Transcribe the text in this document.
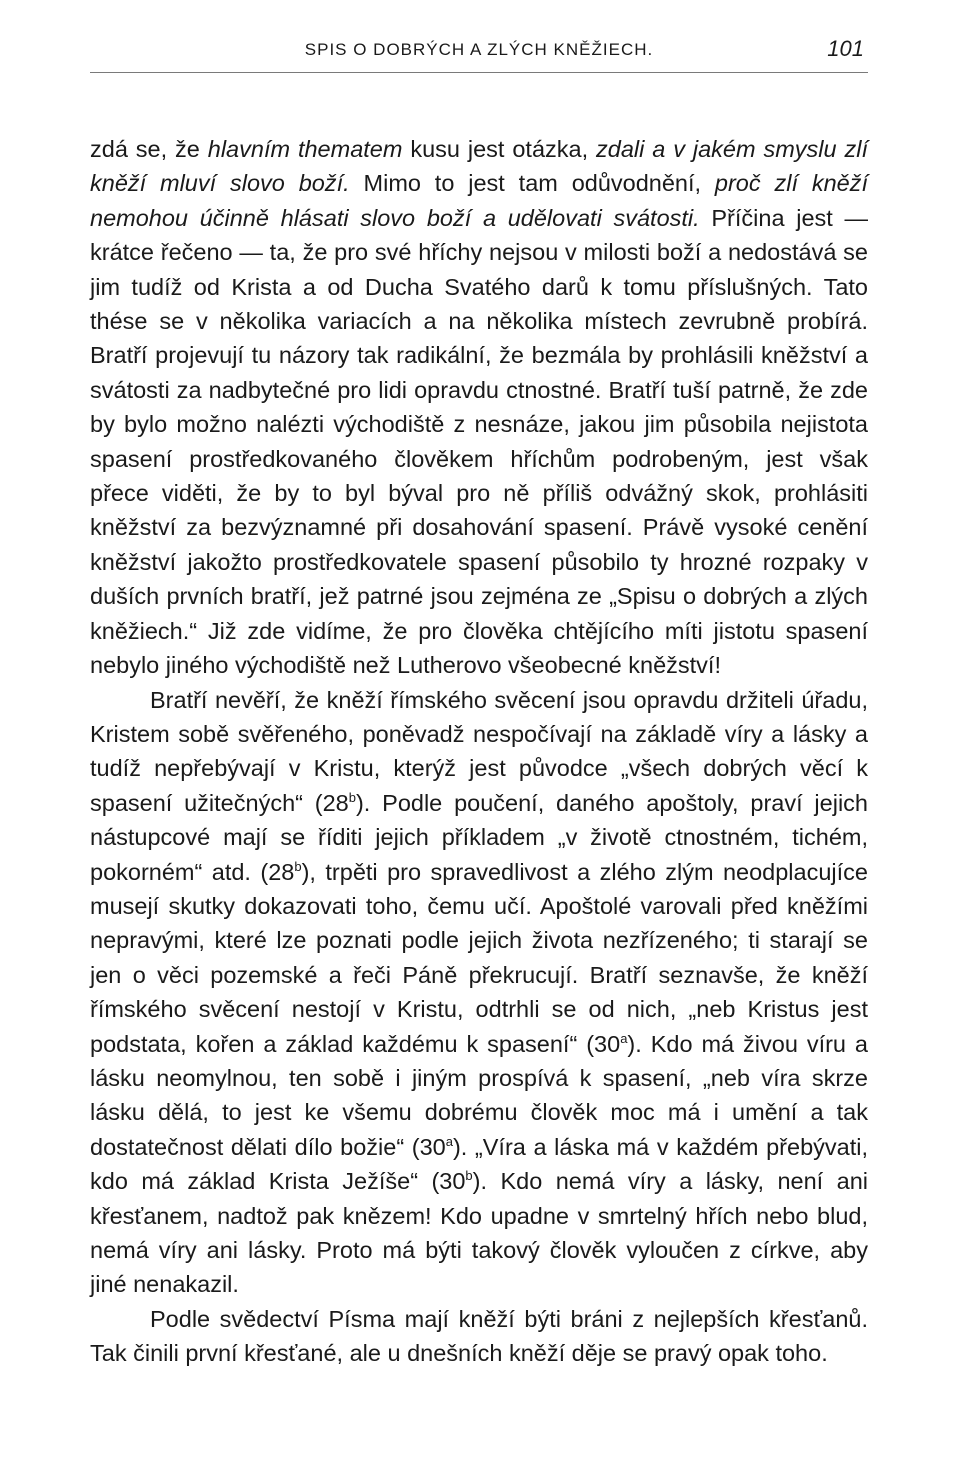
SPIS O DOBRÝCH A ZLÝCH KNĚŽIECH.	101

zdá se, že hlavním thematem kusu jest otázka, zdali a v jakém smyslu zlí kněží mluví slovo boží. Mimo to jest tam odůvodnění, proč zlí kněží nemohou účinně hlásati slovo boží a udělovati svátosti. Příčina jest — krátce řečeno — ta, že pro své hříchy nejsou v milosti boží a nedostává se jim tudíž od Krista a od Ducha Svatého darů k tomu příslušných. Tato thése se v několika variacích a na několika místech zevrubně probírá. Bratří projevují tu názory tak radikální, že bezmála by prohlásili kněžství a svátosti za nadbytečné pro lidi opravdu ctnostné. Bratří tuší patrně, že zde by bylo možno nalézti východiště z nesnáze, jakou jim působila nejistota spasení prostředkovaného člověkem hříchům podrobeným, jest však přece viděti, že by to byl býval pro ně příliš odvážný skok, prohlásiti kněžství za bezvýznamné při dosahování spasení. Právě vysoké cenění kněžství jakožto prostředkovatele spasení působilo ty hrozné rozpaky v duších prvních bratří, jež patrné jsou zejména ze „Spisu o dobrých a zlých kněžiech.“ Již zde vidíme, že pro člověka chtějícího míti jistotu spasení nebylo jiného východiště než Lutherovo všeobecné kněžství!

Bratří nevěří, že kněží římského svěcení jsou opravdu držiteli úřadu, Kristem sobě svěřeného, poněvadž nespočívají na základě víry a lásky a tudíž nepřebývají v Kristu, kterýž jest původce „všech dobrých věcí k spasení užitečných“ (28$^b$). Podle poučení, daného apoštoly, praví jejich nástupcové mají se říditi jejich příkladem „v životě ctnostném, tichém, pokorném“ atd. (28$^b$), trpěti pro spravedlivost a zlého zlým neodplacujíce musejí skutky dokazovati toho, čemu učí. Apoštolé varovali před kněžími nepravými, které lze poznati podle jejich života nezřízeného; ti starají se jen o věci pozemské a řeči Páně překrucují. Bratří seznavše, že kněží římského svěcení nestojí v Kristu, odtrhli se od nich, „neb Kristus jest podstata, kořen a základ každému k spasení“ (30$^a$). Kdo má živou víru a lásku neomylnou, ten sobě i jiným prospívá k spasení, „neb víra skrze lásku dělá, to jest ke všemu dobrému člověk moc má i umění a tak dostatečnost dělati dílo božie“ (30$^a$). „Víra a láska má v každém přebývati, kdo má základ Krista Ježíše“ (30$^b$). Kdo nemá víry a lásky, není ani křesťanem, nadtož pak knězem! Kdo upadne v smrtelný hřích nebo blud, nemá víry ani lásky. Proto má býti takový člověk vyloučen z církve, aby jiné nenakazil.

Podle svědectví Písma mají kněží býti bráni z nejlepších křesťanů. Tak činili první křesťané, ale u dnešních kněží děje se pravý opak toho.
